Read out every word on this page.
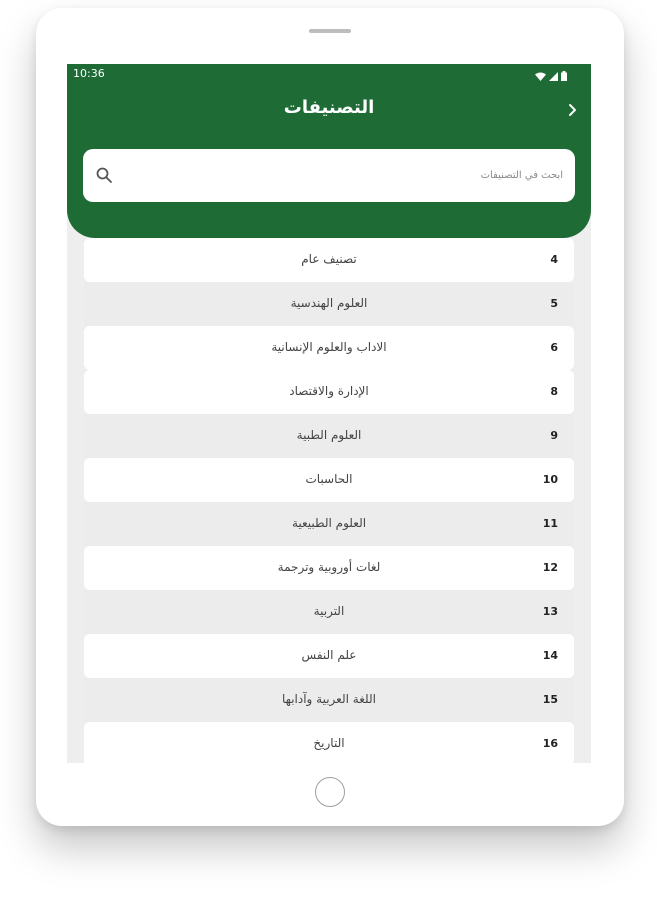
10:36
التصنيفات
ابحث في التصنيفات
تصنيف عام	4
العلوم الهندسية	5
الاداب والعلوم الإنسانية	6
الإدارة والاقتصاد	8
العلوم الطبية	9
الحاسبات	10
العلوم الطبيعية	11
لغات أوروبية وترجمة	12
التربية	13
علم النفس	14
اللغة العربية وآدابها	15
التاريخ	16
